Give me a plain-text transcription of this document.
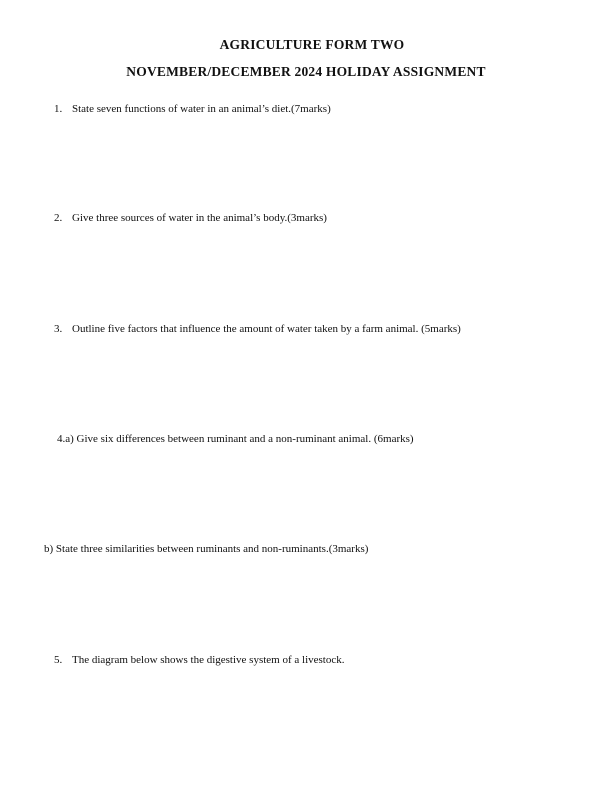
AGRICULTURE FORM TWO
NOVEMBER/DECEMBER 2024 HOLIDAY ASSIGNMENT

1. State seven functions of water in an animal’s diet.(7marks)

2. Give three sources of water in the animal’s body.(3marks)

3. Outline five factors that influence the amount of water taken by a farm animal. (5marks)

4.a) Give six differences between ruminant and a non-ruminant animal. (6marks)

b) State three similarities between ruminants and non-ruminants.(3marks)

5. The diagram below shows the digestive system of a livestock.
